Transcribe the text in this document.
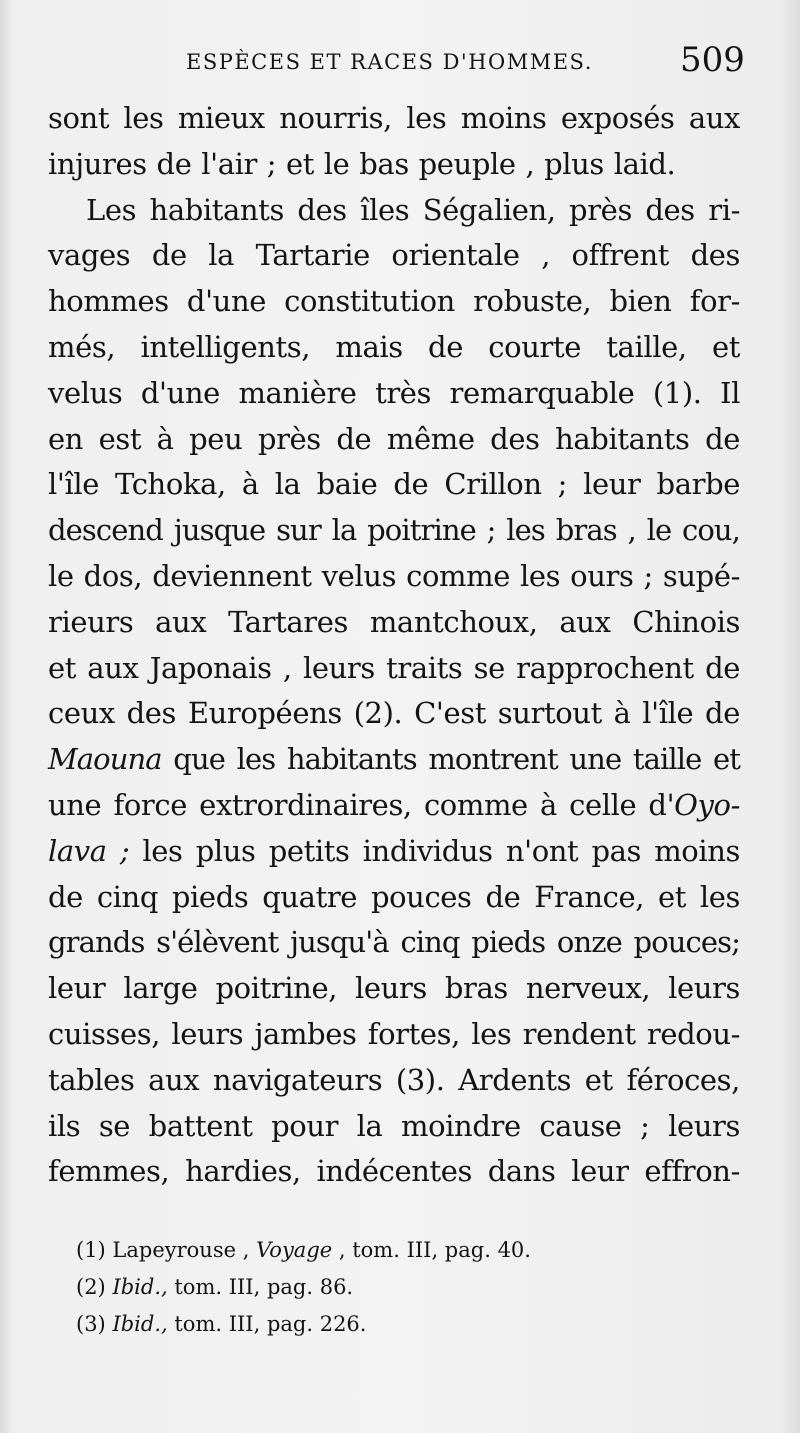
ESPÈCES ET RACES D'HOMMES.	509
sont les mieux nourris, les moins exposés aux
injures de l'air ; et le bas peuple , plus laid.
Les habitants des îles Ségalien, près des ri-
vages de la Tartarie orientale , offrent des
hommes d'une constitution robuste, bien for-
més, intelligents, mais de courte taille, et
velus d'une manière très remarquable (1). Il
en est à peu près de même des habitants de
l'île Tchoka, à la baie de Crillon ; leur barbe
descend jusque sur la poitrine ; les bras , le cou,
le dos, deviennent velus comme les ours ; supé-
rieurs aux Tartares mantchoux, aux Chinois
et aux Japonais , leurs traits se rapprochent de
ceux des Européens (2). C'est surtout à l'île de
Maouna que les habitants montrent une taille et
une force extrordinaires, comme à celle d'Oyo-
lava ; les plus petits individus n'ont pas moins
de cinq pieds quatre pouces de France, et les
grands s'élèvent jusqu'à cinq pieds onze pouces;
leur large poitrine, leurs bras nerveux, leurs
cuisses, leurs jambes fortes, les rendent redou-
tables aux navigateurs (3). Ardents et féroces,
ils se battent pour la moindre cause ; leurs
femmes, hardies, indécentes dans leur effron-
(1) Lapeyrouse , Voyage , tom. III, pag. 40.
(2) Ibid., tom. III, pag. 86.
(3) Ibid., tom. III, pag. 226.
